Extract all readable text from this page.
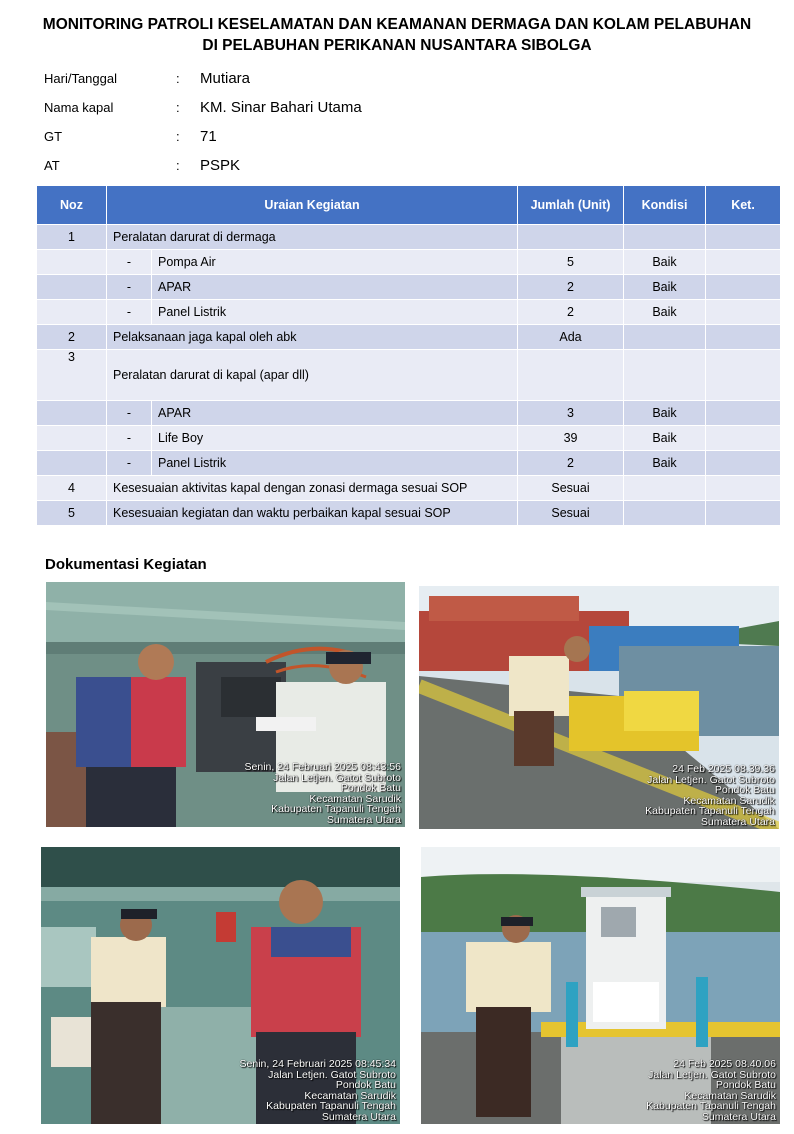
MONITORING PATROLI KESELAMATAN DAN KEAMANAN DERMAGA DAN KOLAM PELABUHAN
DI PELABUHAN PERIKANAN NUSANTARA SIBOLGA
Hari/Tanggal	:	Mutiara
Nama kapal	:	KM. Sinar Bahari Utama
GT	:	71
AT	:	PSPK
Noz	Uraian Kegiatan		Jumlah (Unit)	Kondisi	Ket.
1	Peralatan darurat di dermaga				
	-	Pompa Air	5	Baik	
	-	APAR	2	Baik	
	-	Panel Listrik	2	Baik	
2	Pelaksanaan jaga kapal oleh abk		Ada		
3	Peralatan darurat di kapal (apar dll)				
	-	APAR	3	Baik	
	-	Life Boy	39	Baik	
	-	Panel Listrik	2	Baik	
4	Kesesuaian aktivitas kapal dengan zonasi dermaga sesuai SOP		Sesuai		
5	Kesesuaian kegiatan dan waktu perbaikan kapal sesuai SOP		Sesuai		
Dokumentasi Kegiatan
Senin, 24 Februari 2025 08:43:56
Jalan Letjen. Gatot Subroto
Pondok Batu
Kecamatan Sarudik
Kabupaten Tapanuli Tengah
Sumatera Utara
24 Feb 2025 08.39.36
Jalan Letjen. Gatot Subroto
Pondok Batu
Kecamatan Sarudik
Kabupaten Tapanuli Tengah
Sumatera Utara
Senin, 24 Februari 2025 08:45:34
Jalan Letjen. Gatot Subroto
Pondok Batu
Kecamatan Sarudik
Kabupaten Tapanuli Tengah
Sumatera Utara
24 Feb 2025 08.40.06
Jalan Letjen. Gatot Subroto
Pondok Batu
Kecamatan Sarudik
Kabupaten Tapanuli Tengah
Sumatera Utara
